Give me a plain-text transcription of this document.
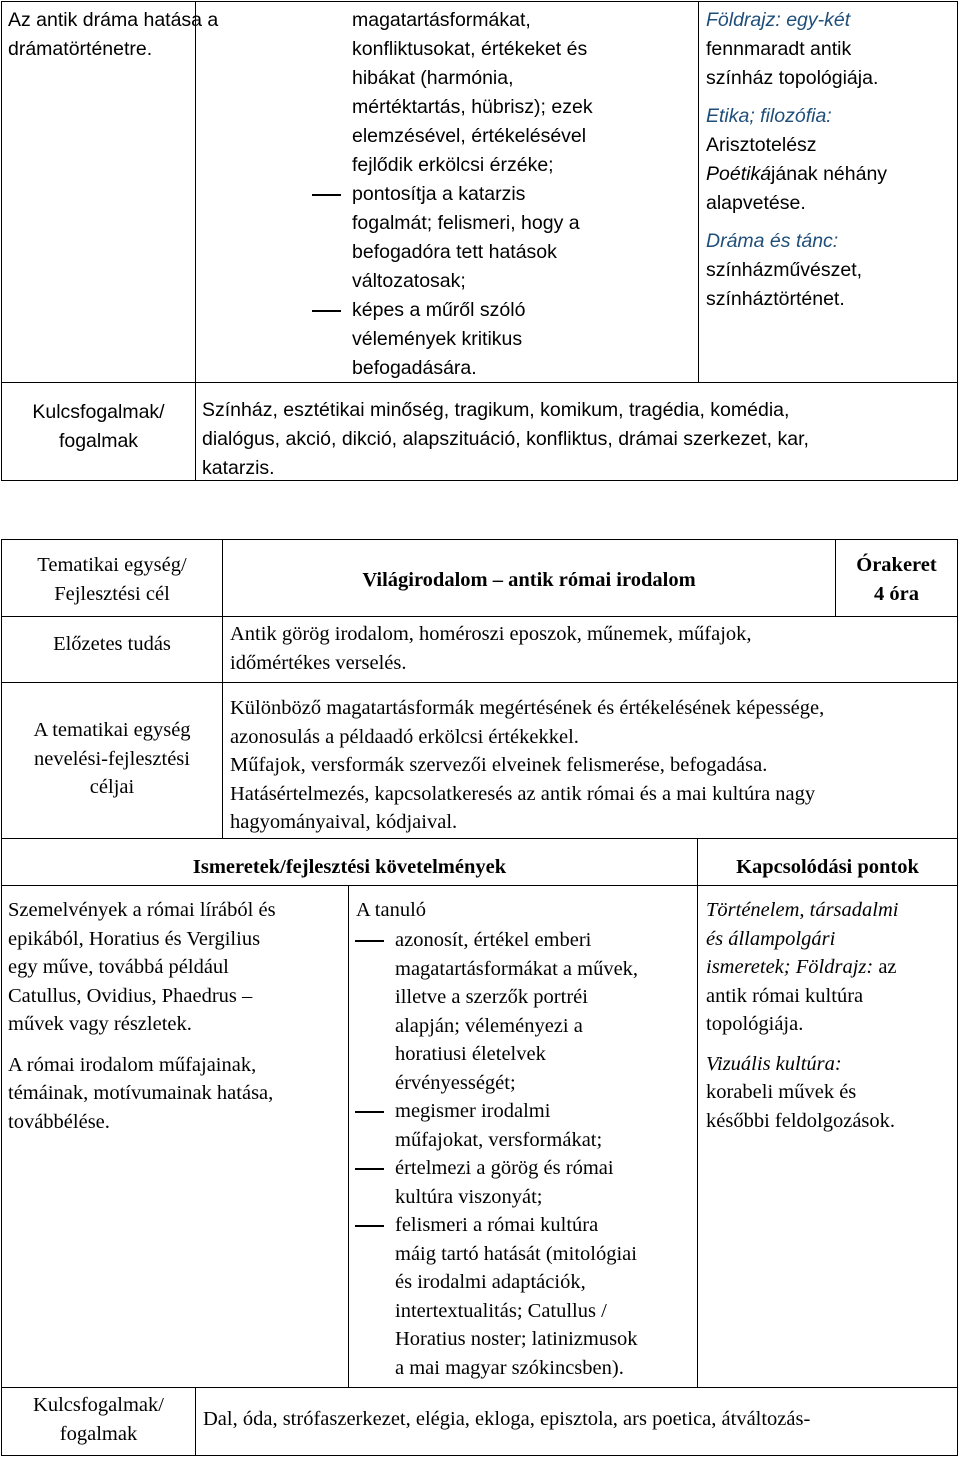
Az antik dráma hatása a
drámatörténetre.
magatartásformákat,
konfliktusokat, értékeket és
hibákat (harmónia,
mértéktartás, hübrisz); ezek
elemzésével, értékelésével
fejlődik erkölcsi érzéke;
pontosítja a katarzis
fogalmát; felismeri, hogy a
befogadóra tett hatások
változatosak;
képes a műről szóló
vélemények kritikus
befogadására.
Földrajz: egy-két
fennmaradt antik
színház topológiája.
Etika; filozófia:
Arisztotelész
Poétikájának néhány
alapvetése.
Dráma és tánc:
színházművészet,
színháztörténet.
Kulcsfogalmak/
fogalmak
Színház, esztétikai minőség, tragikum, komikum, tragédia, komédia,
dialógus, akció, dikció, alapszituáció, konfliktus, drámai szerkezet, kar,
katarzis.
Tematikai egység/
Fejlesztési cél
Világirodalom ‒ antik római irodalom
Órakeret
4 óra
Előzetes tudás	Antik görög irodalom, homéroszi eposzok, műnemek, műfajok,
időmértékes verselés.
A tematikai egység
nevelési-fejlesztési
céljai
Különböző magatartásformák megértésének és értékelésének képessége,
azonosulás a példaadó erkölcsi értékekkel.
Műfajok, versformák szervezői elveinek felismerése, befogadása.
Hatásértelmezés, kapcsolatkeresés az antik római és a mai kultúra nagy
hagyományaival, kódjaival.
Ismeretek/fejlesztési követelmények	Kapcsolódási pontok
Szemelvények a római lírából és
epikából, Horatius és Vergilius
egy műve, továbbá például
Catullus, Ovidius, Phaedrus ‒
művek vagy részletek.
A római irodalom műfajainak,
témáinak, motívumainak hatása,
továbbélése.
A tanuló
azonosít, értékel emberi
magatartásformákat a művek,
illetve a szerzők portréi
alapján; véleményezi a
horatiusi életelvek
érvényességét;
megismer irodalmi
műfajokat, versformákat;
értelmezi a görög és római
kultúra viszonyát;
felismeri a római kultúra
máig tartó hatását (mitológiai
és irodalmi adaptációk,
intertextualitás; Catullus /
Horatius noster; latinizmusok
a mai magyar szókincsben).
Történelem, társadalmi
és állampolgári
ismeretek; Földrajz: az
antik római kultúra
topológiája.
Vizuális kultúra:
korabeli művek és
későbbi feldolgozások.
Kulcsfogalmak/
fogalmak
Dal, óda, strófaszerkezet, elégia, ekloga, episztola, ars poetica, átváltozás-
